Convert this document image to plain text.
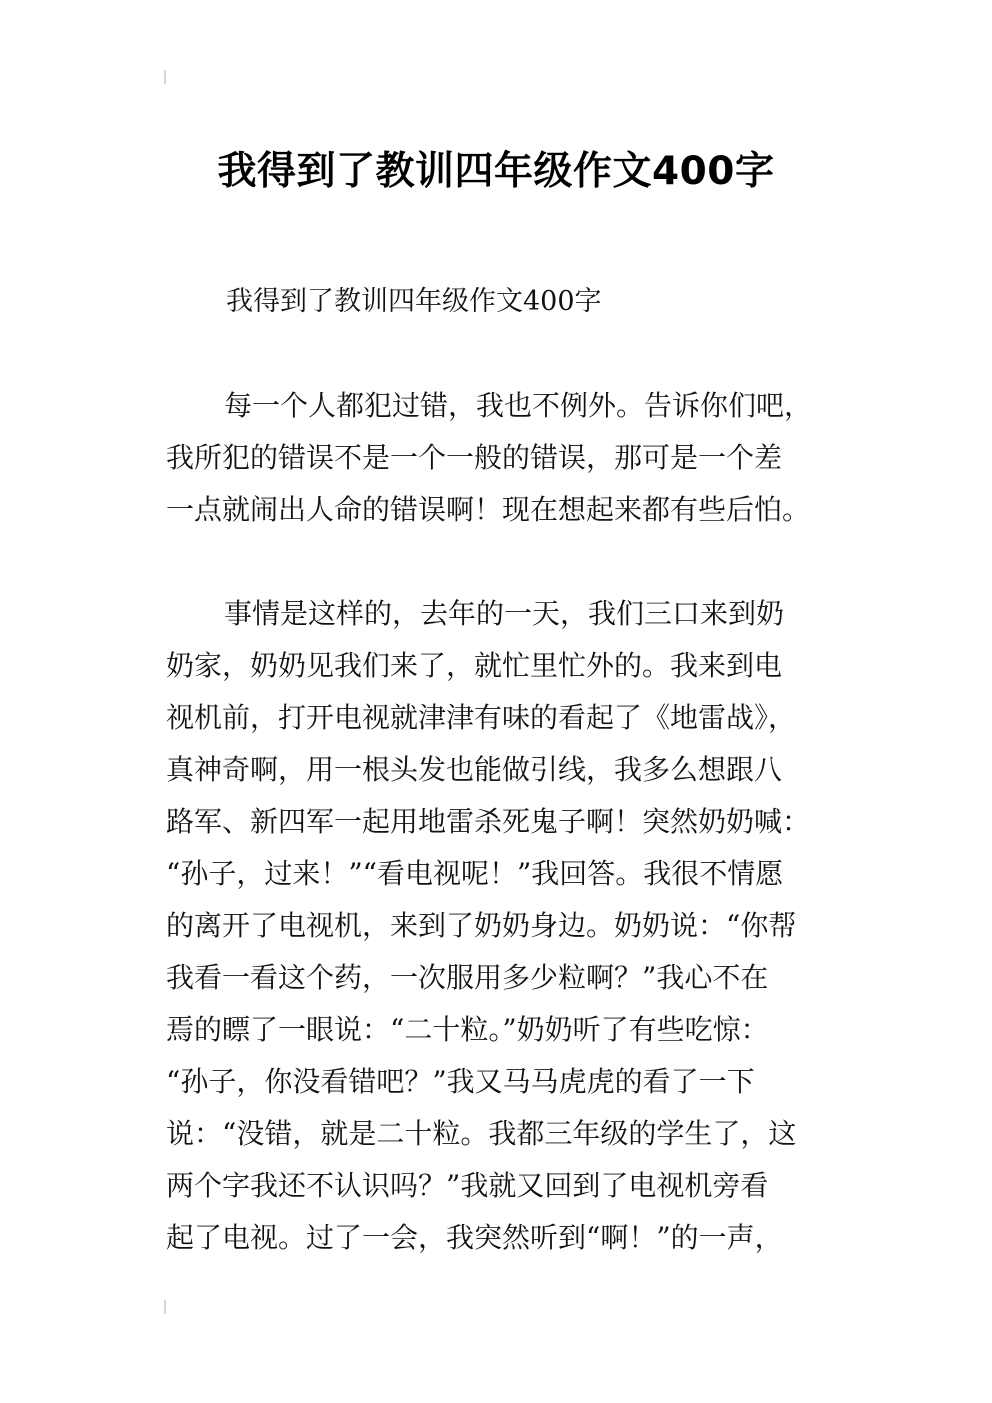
我得到了教训四年级作文400字
我得到了教训四年级作文400字
每一个人都犯过错，我也不例外。告诉你们吧，
我所犯的错误不是一个一般的错误，那可是一个差
一点就闹出人命的错误啊！现在想起来都有些后怕。
事情是这样的，去年的一天，我们三口来到奶
奶家，奶奶见我们来了，就忙里忙外的。我来到电
视机前，打开电视就津津有味的看起了《地雷战》，
真神奇啊，用一根头发也能做引线，我多么想跟八
路军、新四军一起用地雷杀死鬼子啊！突然奶奶喊：
“孙子，过来！”“看电视呢！”我回答。我很不情愿
的离开了电视机，来到了奶奶身边。奶奶说：“你帮
我看一看这个药，一次服用多少粒啊？”我心不在
焉的瞟了一眼说：“二十粒。”奶奶听了有些吃惊：
“孙子，你没看错吧？”我又马马虎虎的看了一下
说：“没错，就是二十粒。我都三年级的学生了，这
两个字我还不认识吗？”我就又回到了电视机旁看
起了电视。过了一会，我突然听到“啊！”的一声，
